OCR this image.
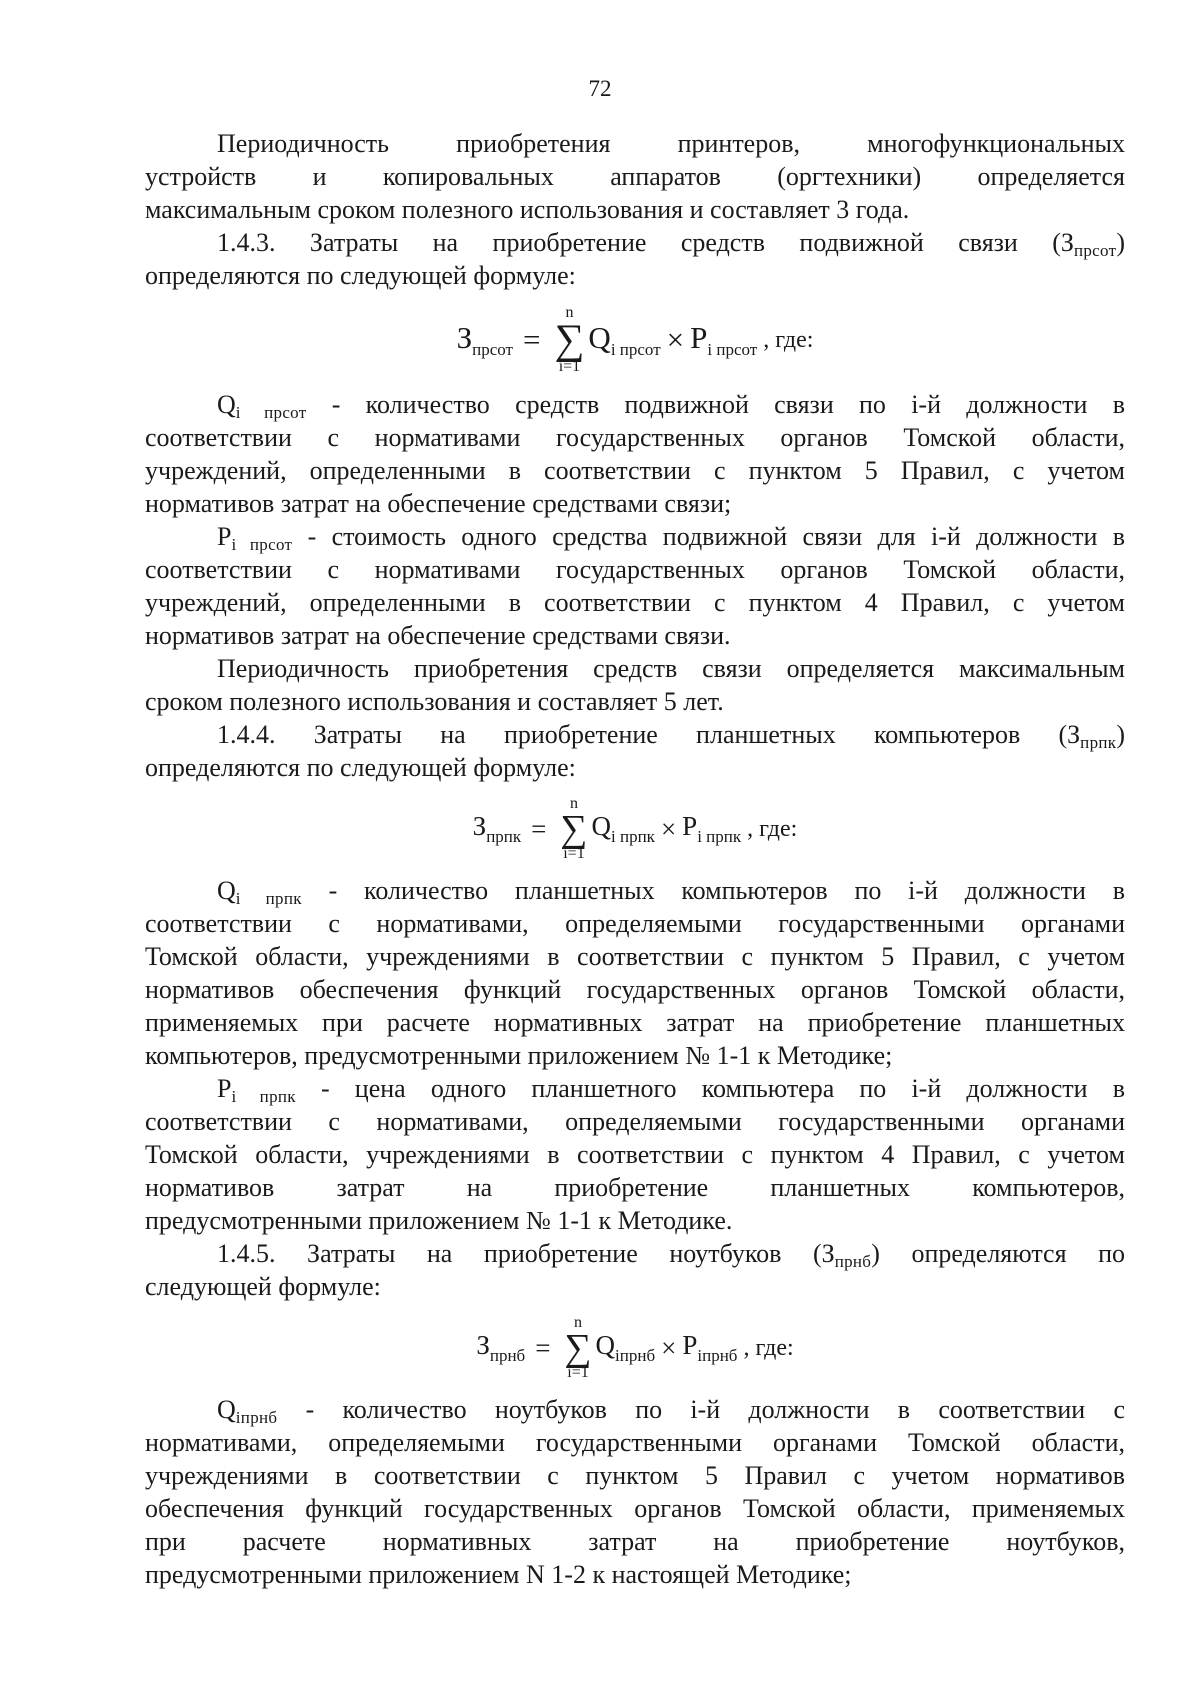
72
Периодичность приобретения принтеров, многофункциональных
устройств и копировальных аппаратов (оргтехники) определяется
максимальным сроком полезного использования и составляет 3 года.
1.4.3. Затраты на приобретение средств подвижной связи $(З_{прсот})$
определяются по следующей формуле:
$З_{прсот}$ =
n
∑
i=1
$Q_{i прсот} \times P_{i прсот}$ , где:
$Q_{i прсот}$ - количество средств подвижной связи по i-й должности в
соответствии с нормативами государственных органов Томской области,
учреждений, определенными в соответствии с пунктом 5 Правил, с учетом
нормативов затрат на обеспечение средствами связи;
$P_{i прсот}$ - стоимость одного средства подвижной связи для i-й должности в
соответствии с нормативами государственных органов Томской области,
учреждений, определенными в соответствии с пунктом 4 Правил, с учетом
нормативов затрат на обеспечение средствами связи.
Периодичность приобретения средств связи определяется максимальным
сроком полезного использования и составляет 5 лет.
1.4.4. Затраты на приобретение планшетных компьютеров $(З_{прпк})$
определяются по следующей формуле:
$З_{прпк}$ =
n
∑
i=1
$Q_{i прпк} \times P_{i прпк}$ , где:
$Q_{i прпк}$ - количество планшетных компьютеров по i-й должности в
соответствии с нормативами, определяемыми государственными органами
Томской области, учреждениями в соответствии с пунктом 5 Правил, с учетом
нормативов обеспечения функций государственных органов Томской области,
применяемых при расчете нормативных затрат на приобретение планшетных
компьютеров, предусмотренными приложением № 1-1 к Методике;
$P_{i прпк}$ - цена одного планшетного компьютера по i-й должности в
соответствии с нормативами, определяемыми государственными органами
Томской области, учреждениями в соответствии с пунктом 4 Правил, с учетом
нормативов затрат на приобретение планшетных компьютеров,
предусмотренными приложением № 1-1 к Методике.
1.4.5. Затраты на приобретение ноутбуков $(З_{прнб})$ определяются по
следующей формуле:
$З_{прнб}$ =
n
∑
i=1
$Q_{iпрнб} \times P_{iпрнб}$ , где:
$Q_{iпрнб}$ - количество ноутбуков по i-й должности в соответствии с
нормативами, определяемыми государственными органами Томской области,
учреждениями в соответствии с пунктом 5 Правил с учетом нормативов
обеспечения функций государственных органов Томской области, применяемых
при расчете нормативных затрат на приобретение ноутбуков,
предусмотренными приложением N 1-2 к настоящей Методике;
